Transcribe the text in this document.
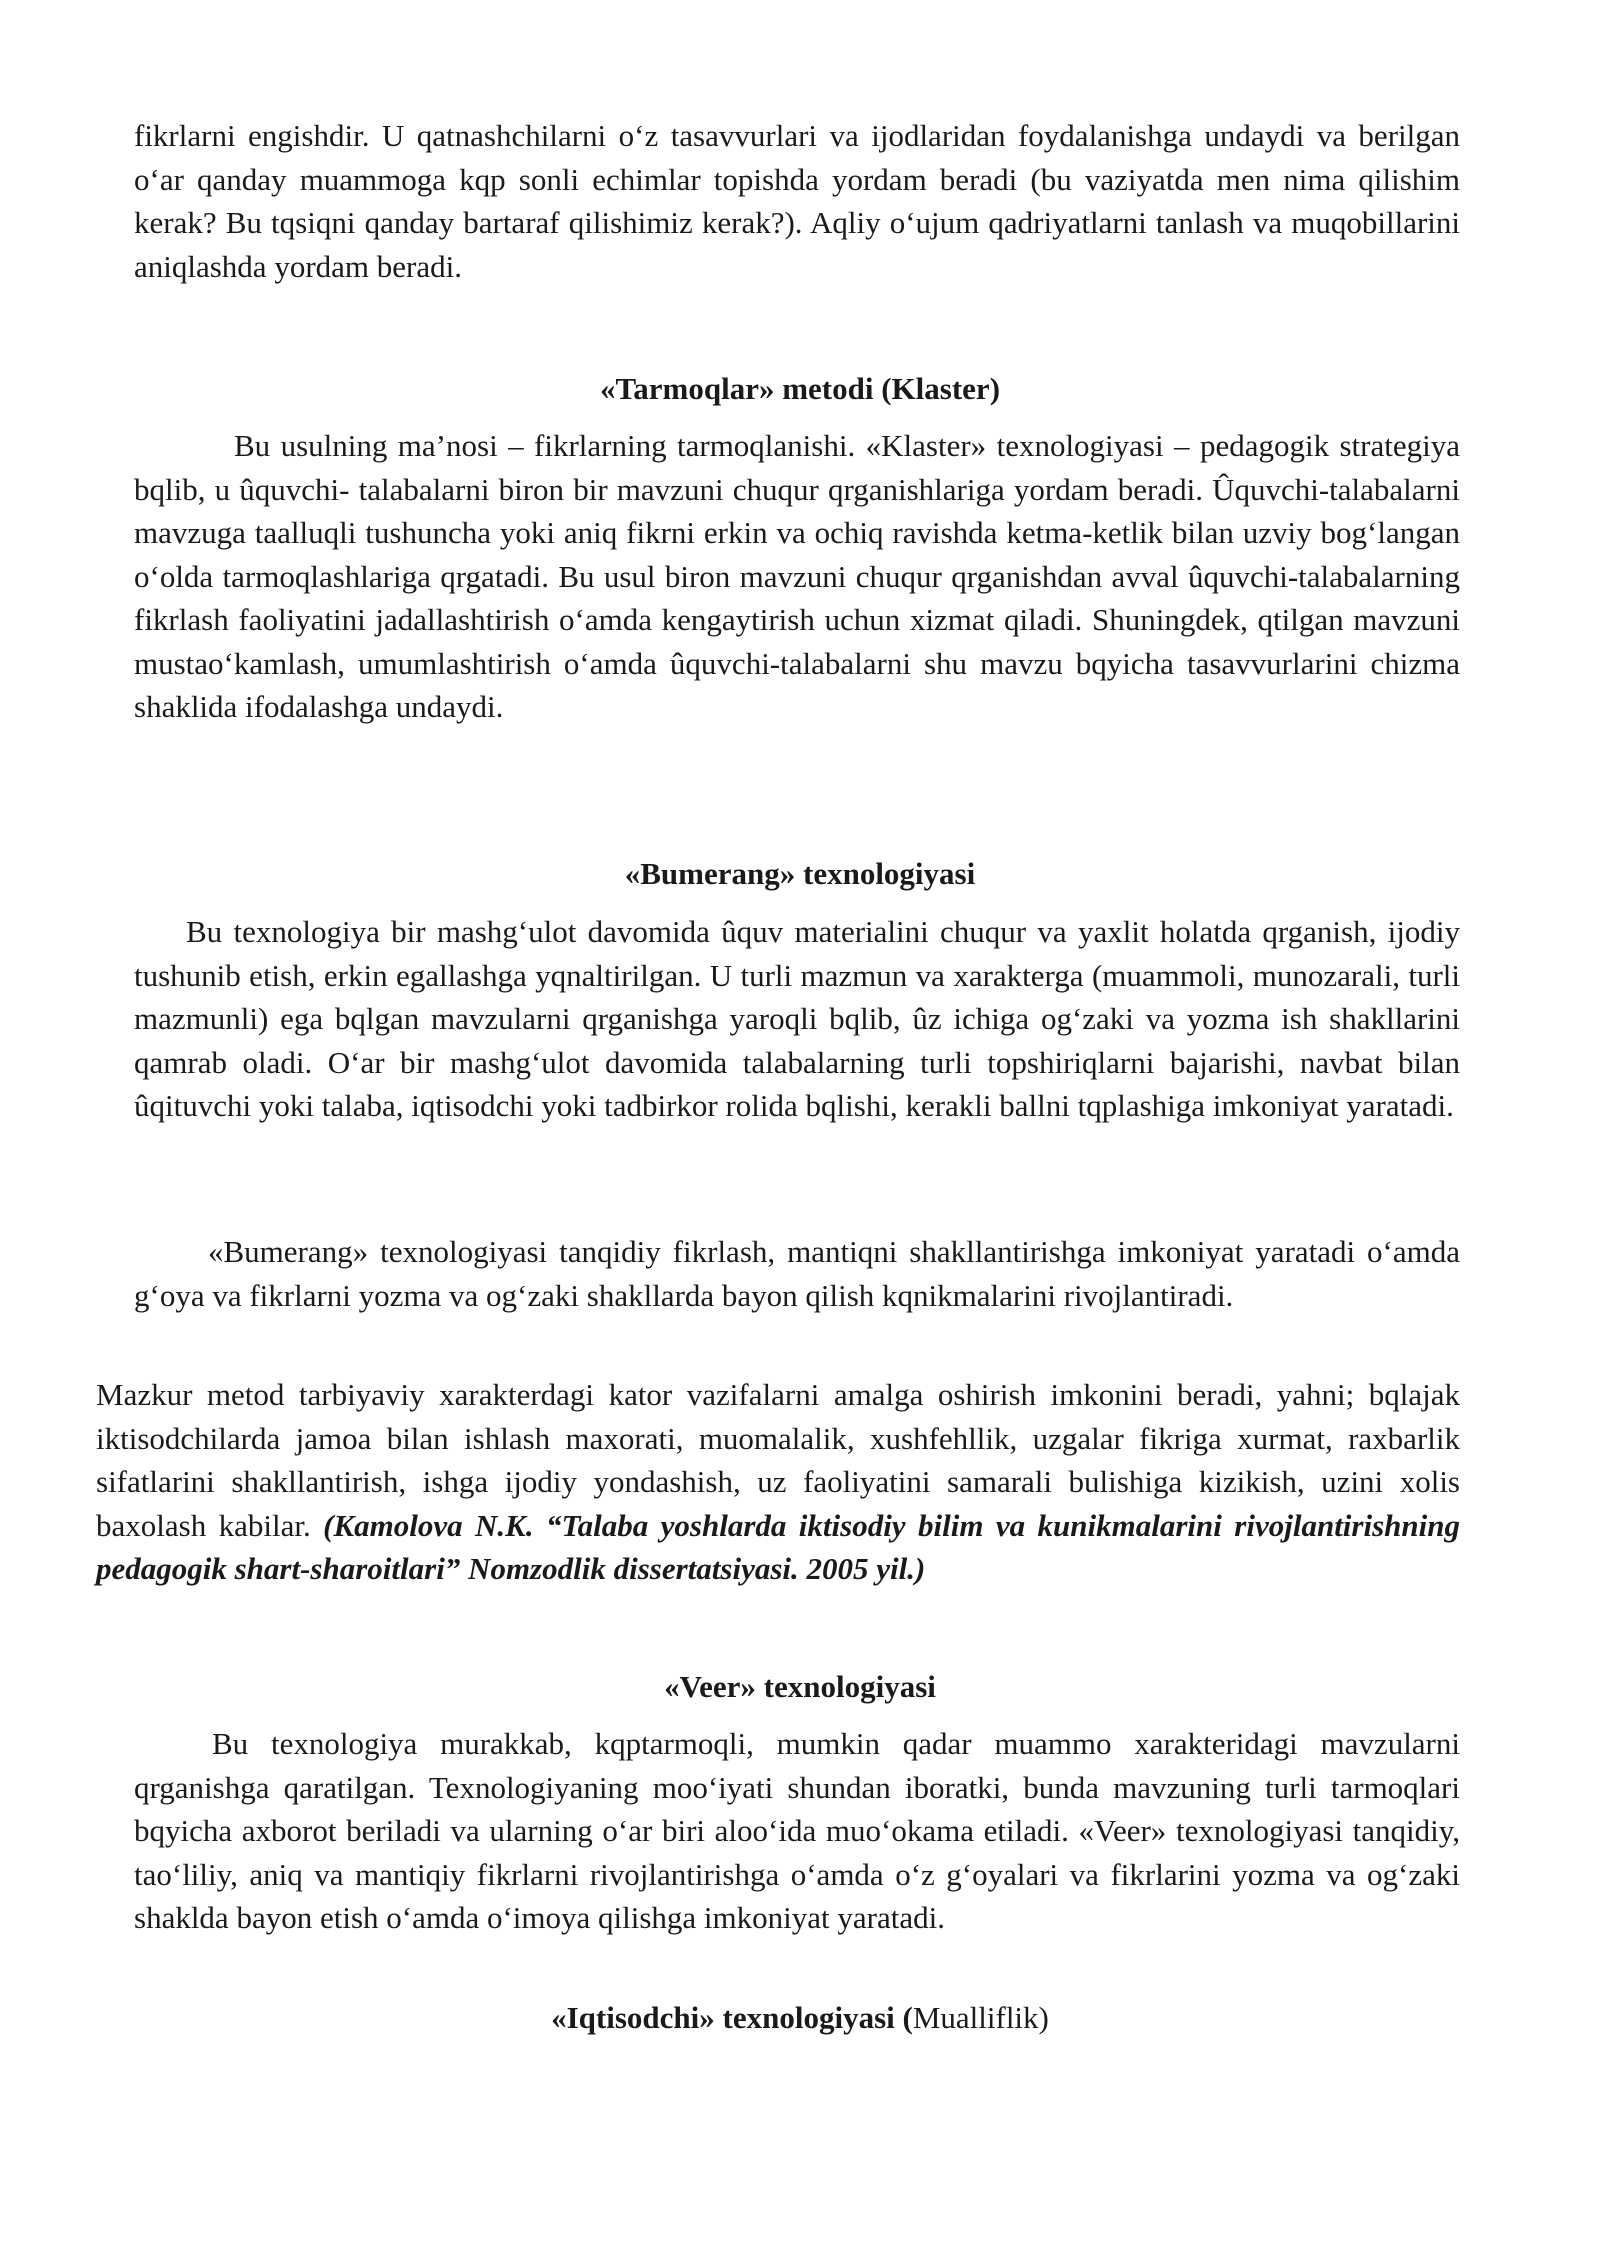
fikrlarni engishdir. U qatnashchilarni o‘z tasavvurlari va ijodlaridan foydalanishga undaydi va berilgan o‘ar qanday muammoga kqp sonli echimlar topishda yordam beradi (bu vaziyatda men nima qilishim kerak? Bu tqsiqni qanday bartaraf qilishimiz kerak?). Aqliy o‘ujum qadriyatlarni tanlash va muqobillarini aniqlashda yordam beradi.

«Tarmoqlar» metodi (Klaster)

Bu usulning ma’nosi – fikrlarning tarmoqlanishi. «Klaster» texnologiyasi – pedagogik strategiya bqlib, u ûquvchi- talabalarni biron bir mavzuni chuqur qrganishlariga yordam beradi. Ûquvchi-talabalarni mavzuga taalluqli tushuncha yoki aniq fikrni erkin va ochiq ravishda ketma-ketlik bilan uzviy bog‘langan o‘olda tarmoqlashlariga qrgatadi. Bu usul biron mavzuni chuqur qrganishdan avval ûquvchi-talabalarning fikrlash faoliyatini jadallashtirish o‘amda kengaytirish uchun xizmat qiladi. Shuningdek, qtilgan mavzuni mustao‘kamlash, umumlashtirish o‘amda ûquvchi-talabalarni shu mavzu bqyicha tasavvurlarini chizma shaklida ifodalashga undaydi.

«Bumerang» texnologiyasi

Bu texnologiya bir mashg‘ulot davomida ûquv materialini chuqur va yaxlit holatda qrganish, ijodiy tushunib etish, erkin egallashga yqnaltirilgan. U turli mazmun va xarakterga (muammoli, munozarali, turli mazmunli) ega bqlgan mavzularni qrganishga yaroqli bqlib, ûz ichiga og‘zaki va yozma ish shakllarini qamrab oladi. O‘ar bir mashg‘ulot davomida talabalarning turli topshiriqlarni bajarishi, navbat bilan ûqituvchi yoki talaba, iqtisodchi yoki tadbirkor rolida bqlishi, kerakli ballni tqplashiga imkoniyat yaratadi.

«Bumerang» texnologiyasi tanqidiy fikrlash, mantiqni shakllantirishga imkoniyat yaratadi o‘amda g‘oya va fikrlarni yozma va og‘zaki shakllarda bayon qilish kqnikmalarini rivojlantiradi.

Mazkur metod tarbiyaviy xarakterdagi kator vazifalarni amalga oshirish imkonini beradi, yahni; bqlajak iktisodchilarda jamoa bilan ishlash maxorati, muomalalik, xushfehllik, uzgalar fikriga xurmat, raxbarlik sifatlarini shakllantirish, ishga ijodiy yondashish, uz faoliyatini samarali bulishiga kizikish, uzini xolis baxolash kabilar. (Kamolova N.K. “Talaba yoshlarda iktisodiy bilim va kunikmalarini rivojlantirishning pedagogik shart-sharoitlari” Nomzodlik dissertatsiyasi. 2005 yil.)

«Veer» texnologiyasi

Bu texnologiya murakkab, kqptarmoqli, mumkin qadar muammo xarakteridagi mavzularni qrganishga qaratilgan. Texnologiyaning moo‘iyati shundan iboratki, bunda mavzuning turli tarmoqlari bqyicha axborot beriladi va ularning o‘ar biri aloo‘ida muo‘okama etiladi. «Veer» texnologiyasi tanqidiy, tao‘liliy, aniq va mantiqiy fikrlarni rivojlantirishga o‘amda o‘z g‘oyalari va fikrlarini yozma va og‘zaki shaklda bayon etish o‘amda o‘imoya qilishga imkoniyat yaratadi.

«Iqtisodchi» texnologiyasi (Mualliflik)
